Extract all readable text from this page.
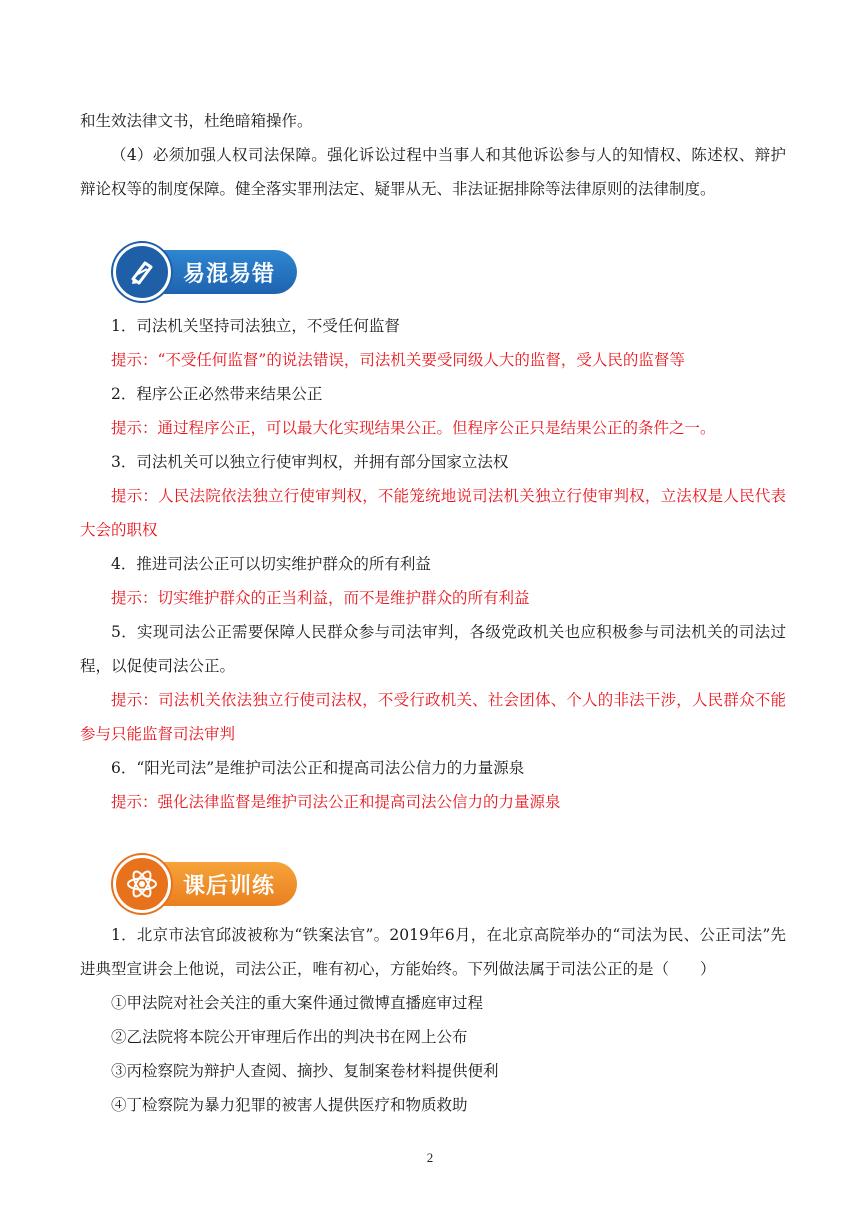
和生效法律文书，杜绝暗箱操作。

（4）必须加强人权司法保障。强化诉讼过程中当事人和其他诉讼参与人的知情权、陈述权、辩护辩论权等的制度保障。健全落实罪刑法定、疑罪从无、非法证据排除等法律原则的法律制度。

易混易错

1．司法机关坚持司法独立，不受任何监督

提示：“不受任何监督”的说法错误，司法机关要受同级人大的监督，受人民的监督等

2．程序公正必然带来结果公正

提示：通过程序公正，可以最大化实现结果公正。但程序公正只是结果公正的条件之一。

3．司法机关可以独立行使审判权，并拥有部分国家立法权

提示：人民法院依法独立行使审判权，不能笼统地说司法机关独立行使审判权，立法权是人民代表大会的职权

4．推进司法公正可以切实维护群众的所有利益

提示：切实维护群众的正当利益，而不是维护群众的所有利益

5．实现司法公正需要保障人民群众参与司法审判，各级党政机关也应积极参与司法机关的司法过程，以促使司法公正。

提示：司法机关依法独立行使司法权，不受行政机关、社会团体、个人的非法干涉，人民群众不能参与只能监督司法审判

6．“阳光司法”是维护司法公正和提高司法公信力的力量源泉

提示：强化法律监督是维护司法公正和提高司法公信力的力量源泉

课后训练

1．北京市法官邱波被称为“铁案法官”。2019年6月，在北京高院举办的“司法为民、公正司法”先进典型宣讲会上他说，司法公正，唯有初心，方能始终。下列做法属于司法公正的是（　　）

①甲法院对社会关注的重大案件通过微博直播庭审过程

②乙法院将本院公开审理后作出的判决书在网上公布

③丙检察院为辩护人查阅、摘抄、复制案卷材料提供便利

④丁检察院为暴力犯罪的被害人提供医疗和物质救助

2
